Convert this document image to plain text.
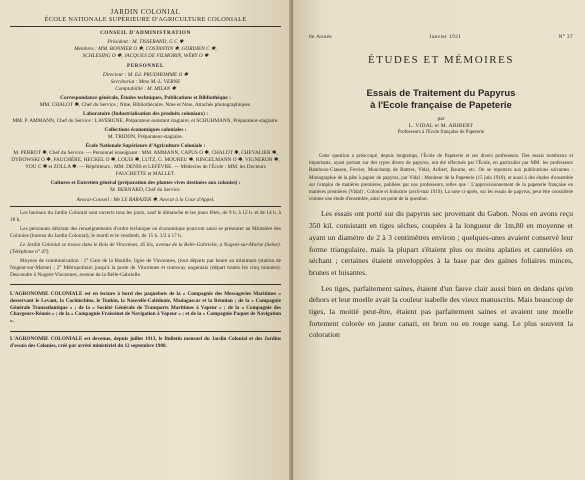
JARDIN COLONIAL
ÉCOLE NATIONALE SUPÉRIEURE D'AGRICULTURE COLONIALE
CONSEIL D'ADMINISTRATION

Président : M. TISSERAND, G C ✱

Membres : MM. BONNIER O ✱, COSTANTIN ✱, GORDIEN C ✱,

SCHLESING O ✱, JACQUES DE VILMORIN, WÉRY O ✱

PERSONNEL

Directeur : M. Ed. PRUDHOMME O ✱

Secrétariat : Mme M.-L. VERNE

Comptabilité : M. MILAN ✱

Correspondance générale, Études techniques, Publications et Bibliothèque :

MM. CHALOT ✱, Chef du Service ; Nme, Bibliothécaire. Nme et Nme, Attachés photographiques.

Laboratoire (Industrialisation des produits coloniaux) :

MM. P. AMMANN, Chef du Service : LAVERGNE, Préparateur-assistant stagiaire, et SCHUHMANN, Préparateur-stagiaire.

Collections économiques coloniales :

M. TRIDON, Préparateur-stagiaire.

École Nationale Supérieure d'Agriculture Coloniale :

M. PERROT ✱, Chef du Service. — Personnel enseignant : MM. AMMANN, CAPUS O ✱, CHALOT ✱, CHEVALIER ✱, DYBOWSKI O ✱, FAUCHÈRE, HECKEL O ✱, LOUIS ✱, LUTZ, G. MOUREU ✱, RINGELMANN O ✱, VIGNERON ✱, YOU C ✱ et ZOLLA ✱. — Répétiteurs : MM. DENIS et LEFÈVRE. — Médecins de l'École : MM. les Docteurs FAUCHETTE et MALLET.

Cultures et Entretien général (préparation des plantes vives destinées aux colonies) :

M. BERNARD, Chef du Service.

Avocat-Conseil : Me LE BARAZER ✱, Avocat à la Cour d'Appel.

Les bureaux du Jardin Colonial sont ouverts tous les jours, sauf le dimanche et les jours fêtés, de 9 h. à 12 h. et de 14 h. à 18 h.

Les personnes désirant des renseignements d'ordre technique ou économique pourront aussi se présenter au Ministère des Colonies (bureau du Jardin Colonial), le mardi et le vendredi, de 15 h. 1/2 à 17 h.

Le Jardin Colonial se trouve dans le Bois de Vincennes, 45 bis, avenue de la Belle-Gabrielle, à Nogent-sur-Marne (Seine). (Téléphone n° 47).

Moyens de communication : 1° Gare de la Bastille, ligne de Vincennes, (tout départs par heure au minimum (station de Nogent-sur-Marne) ; 2° Métropolitain jusqu'à la porte de Vincennes et tramway nogentais (départ toutes les cinq minutes). Descendre à Nogent-Vincennes, avenue de la Belle-Gabrielle.

L'AGRONOMIE COLONIALE est en lecture à bord des paquebots de la « Compagnie des Messageries Maritimes » desservant le Levant, la Cochinchine, le Tonkin, la Nouvelle-Calédonie, Madagascar et la Réunion ; de la « Compagnie Générale Transatlantique » ; de la « Société Générale de Transports Maritimes à Vapeur » ; de la « Compagnie des Chargeurs-Réunis » ; de la « Compagnie Fraissinet de Navigation à Vapeur » ; et de la « Compagnie Paquet de Navigation ».

L'AGRONOMIE COLONIALE est devenue, depuis juillet 1913, le Bulletin mensuel du Jardin Colonial et des Jardins d'essais des Colonies, créé par arrêté ministériel du 12 septembre 1900.

6e Année	Janvier 1921	N° 37
ÉTUDES ET MÉMOIRES
Essais de Traitement du Papyrus
à l'Ecole française de Papeterie
par
L. VIDAL et M. ARIBERT
Professeurs à l'Ecole française de Papeterie

Cette question a préoccupé, depuis longtemps, l'École de Papeterie et ses divers professeurs. Des essais nombreux et importants, ayant portant sur des types divers de papyrus, ont été effectués par l'École, en particulier par MM. les professeurs Bamboux-Clausen, Fevrier, Mouchamp de Buttres, Vidal, Aribert, Bourne, etc. On se reportera aux publications suivantes : Monographie de la pâte à papier de papyrus, par Vidal ; Moniteur de la Papeterie (15 juin 1910), et aussi à des études d'ensemble sur l'emploi de matières premières, publiées par nos professeurs, telles que : L'approvisionnement de la papeterie française en matières premières (Vidal) ; Colonie et Industrie (avril-mai 1919). La note ci-après, sur les essais de papyrus, peut être considérée comme une étude d'ensemble, ainsi un point de la question.

Les essais ont porté sur du papyrus sec provenant du Gabon. Nous en avons reçu 350 kil. consistant en tiges sèches, coupées à la longueur de 1m,80 en moyenne et ayant un diamètre de 2 à 3 centimètres environ ; quelques-unes avaient conservé leur forme triangulaire, mais la plupart s'étaient plus ou moins aplaties et cannelées en séchant ; certaines étaient enveloppées à la base par des gaines foliaires minces, brunes et luisantes.

Les tiges, parfaitement saines, étaient d'un fauve clair aussi bien en dedans qu'en dehors et leur moelle avait la couleur isabelle des vieux manuscrits. Mais beaucoup de tiges, la moitié peut-être, étaient pas parfaitement saines et avaient une moelle fortement colorée en jaune canari, en brun ou en rouge sang. Le plus souvent la coloration
